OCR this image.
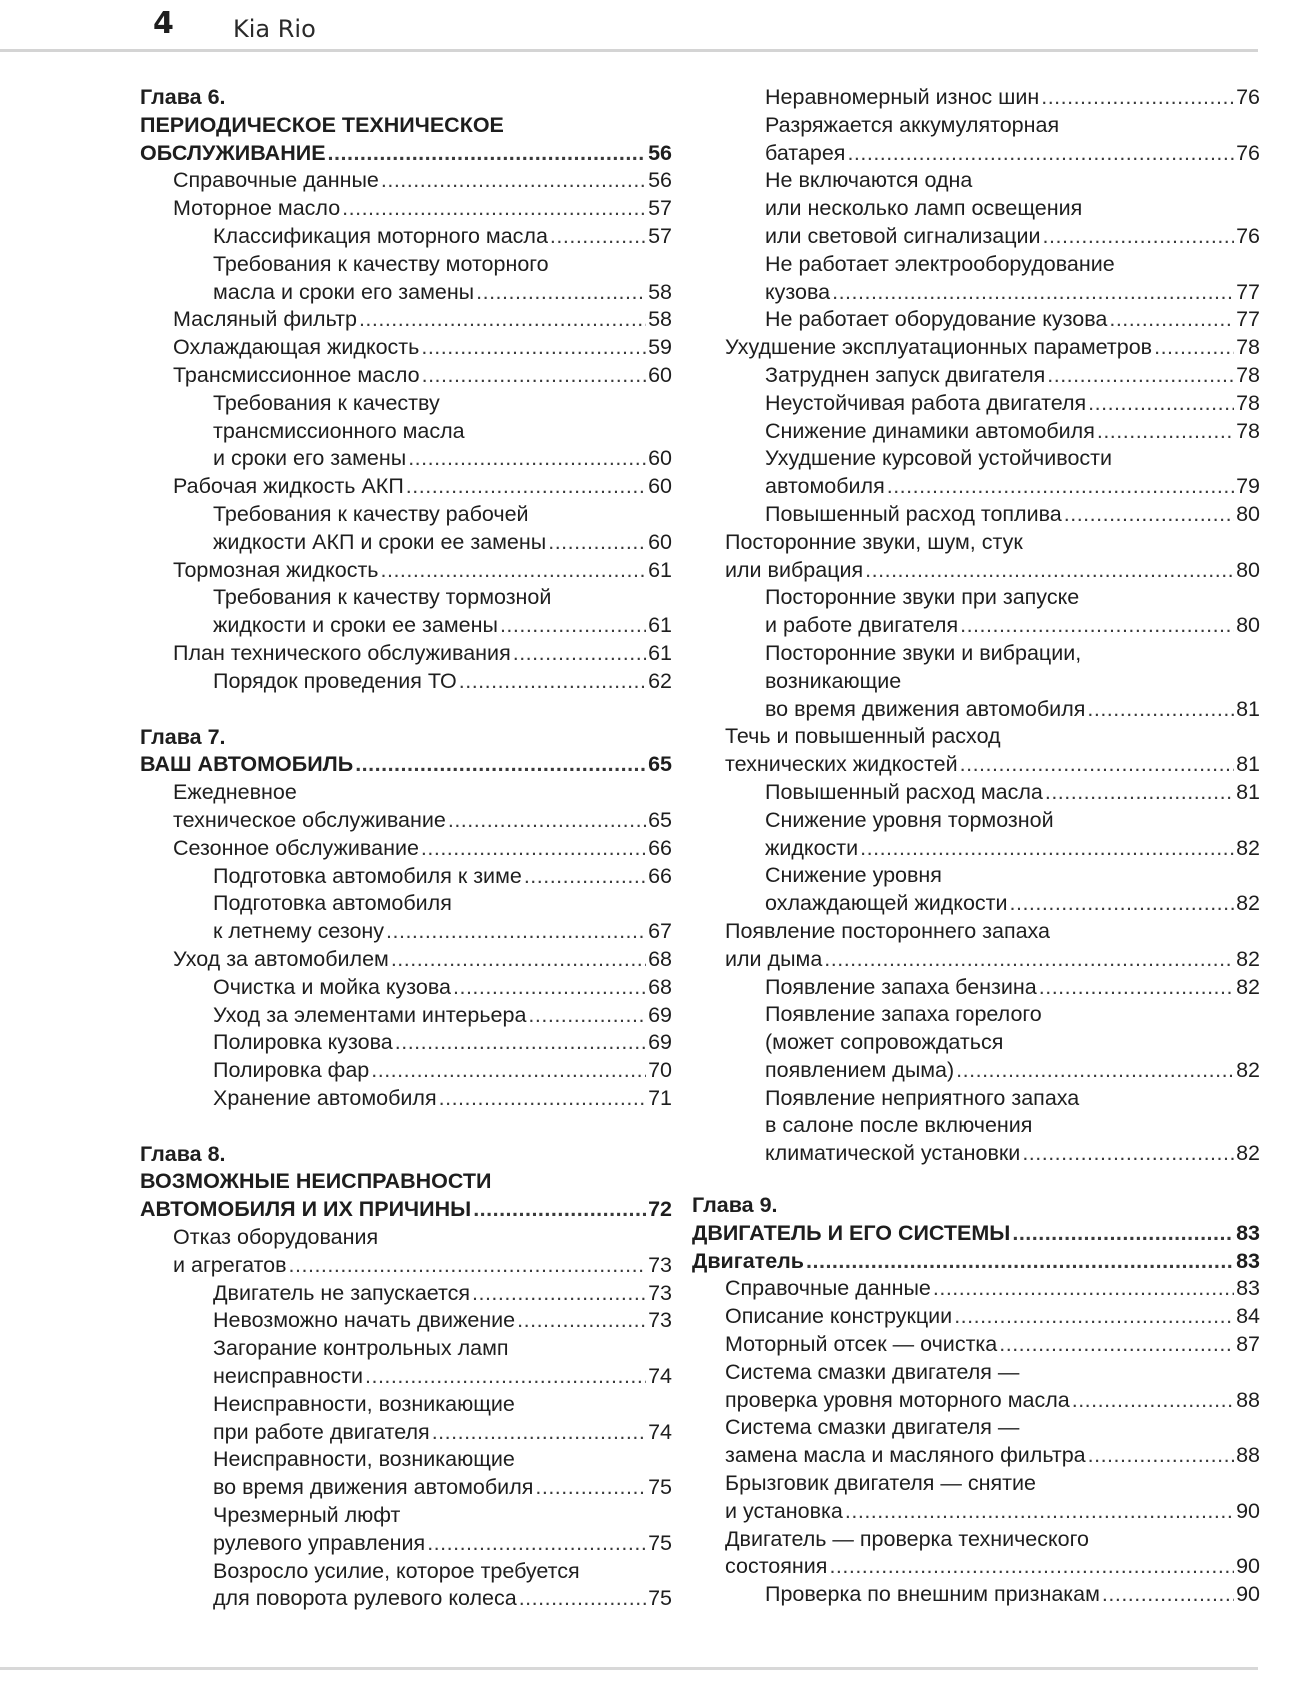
4 Kia Rio
Глава 6.
ПЕРИОДИЧЕСКОЕ ТЕХНИЧЕСКОЕ
ОБСЛУЖИВАНИЕ .....	56
Справочные данные .....	56
Моторное масло .....	57
Классификация моторного масла .....	57
Требования к качеству моторного
масла и сроки его замены .....	58
Масляный фильтр .....	58
Охлаждающая жидкость .....	59
Трансмиссионное масло .....	60
Требования к качеству
трансмиссионного масла
и сроки его замены .....	60
Рабочая жидкость АКП .....	60
Требования к качеству рабочей
жидкости АКП и сроки ее замены .....	60
Тормозная жидкость .....	61
Требования к качеству тормозной
жидкости и сроки ее замены .....	61
План технического обслуживания .....	61
Порядок проведения ТО .....	62
Глава 7.
ВАШ АВТОМОБИЛЬ .....	65
Ежедневное
техническое обслуживание .....	65
Сезонное обслуживание .....	66
Подготовка автомобиля к зиме .....	66
Подготовка автомобиля
к летнему сезону .....	67
Уход за автомобилем .....	68
Очистка и мойка кузова .....	68
Уход за элементами интерьера .....	69
Полировка кузова .....	69
Полировка фар .....	70
Хранение автомобиля .....	71
Глава 8.
ВОЗМОЖНЫЕ НЕИСПРАВНОСТИ
АВТОМОБИЛЯ И ИХ ПРИЧИНЫ .....	72
Отказ оборудования
и агрегатов .....	73
Двигатель не запускается .....	73
Невозможно начать движение .....	73
Загорание контрольных ламп
неисправности .....	74
Неисправности, возникающие
при работе двигателя .....	74
Неисправности, возникающие
во время движения автомобиля .....	75
Чрезмерный люфт
рулевого управления .....	75
Возросло усилие, которое требуется
для поворота рулевого колеса .....	75
Неравномерный износ шин .....	76
Разряжается аккумуляторная
батарея .....	76
Не включаются одна
или несколько ламп освещения
или световой сигнализации .....	76
Не работает электрооборудование
кузова .....	77
Не работает оборудование кузова .....	77
Ухудшение эксплуатационных параметров .....	78
Затруднен запуск двигателя .....	78
Неустойчивая работа двигателя .....	78
Снижение динамики автомобиля .....	78
Ухудшение курсовой устойчивости
автомобиля .....	79
Повышенный расход топлива .....	80
Посторонние звуки, шум, стук
или вибрация .....	80
Посторонние звуки при запуске
и работе двигателя .....	80
Посторонние звуки и вибрации,
возникающие
во время движения автомобиля .....	81
Течь и повышенный расход
технических жидкостей .....	81
Повышенный расход масла .....	81
Снижение уровня тормозной
жидкости .....	82
Снижение уровня
охлаждающей жидкости .....	82
Появление постороннего запаха
или дыма .....	82
Появление запаха бензина .....	82
Появление запаха горелого
(может сопровождаться
появлением дыма) .....	82
Появление неприятного запаха
в салоне после включения
климатической установки .....	82
Глава 9.
ДВИГАТЕЛЬ И ЕГО СИСТЕМЫ .....	83
Двигатель .....	83
Справочные данные .....	83
Описание конструкции .....	84
Моторный отсек — очистка .....	87
Система смазки двигателя —
проверка уровня моторного масла .....	88
Система смазки двигателя —
замена масла и масляного фильтра .....	88
Брызговик двигателя — снятие
и установка .....	90
Двигатель — проверка технического
состояния .....	90
Проверка по внешним признакам .....	90
